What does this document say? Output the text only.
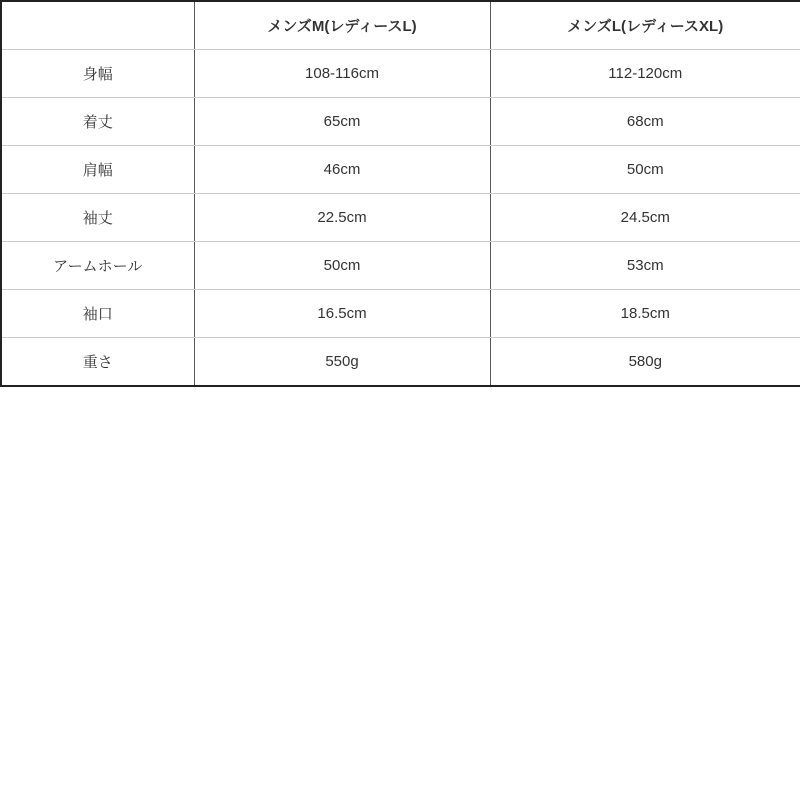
	メンズM(レディースL)	メンズL(レディースXL)
身幅	108-116cm	112-120cm
着丈	65cm	68cm
肩幅	46cm	50cm
袖丈	22.5cm	24.5cm
アームホール	50cm	53cm
袖口	16.5cm	18.5cm
重さ	550g	580g
